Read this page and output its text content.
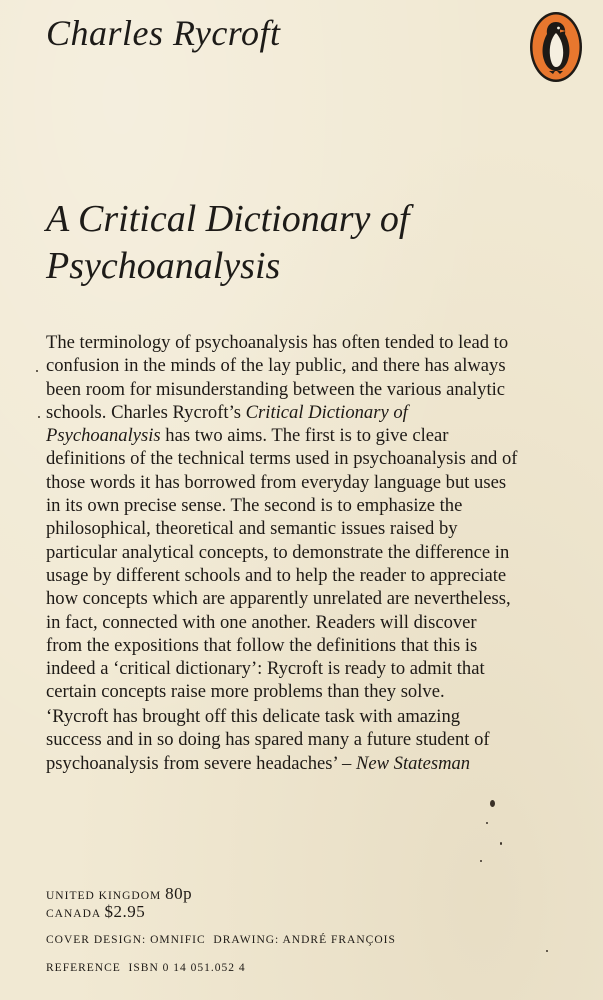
Charles Rycroft
A Critical Dictionary of
Psychoanalysis
The terminology of psychoanalysis has often tended to lead to
confusion in the minds of the lay public, and there has always
been room for misunderstanding between the various analytic
schools. Charles Rycroft’s Critical Dictionary of
Psychoanalysis has two aims. The first is to give clear
definitions of the technical terms used in psychoanalysis and of
those words it has borrowed from everyday language but uses
in its own precise sense. The second is to emphasize the
philosophical, theoretical and semantic issues raised by
particular analytical concepts, to demonstrate the difference in
usage by different schools and to help the reader to appreciate
how concepts which are apparently unrelated are nevertheless,
in fact, connected with one another. Readers will discover
from the expositions that follow the definitions that this is
indeed a ‘critical dictionary’: Rycroft is ready to admit that
certain concepts raise more problems than they solve.
‘Rycroft has brought off this delicate task with amazing
success and in so doing has spared many a future student of
psychoanalysis from severe headaches’ – New Statesman
UNITED KINGDOM 80p
CANADA $2.95
COVER DESIGN: OMNIFIC  DRAWING: ANDRÉ FRANÇOIS
REFERENCE  ISBN 0 14 051.052 4
